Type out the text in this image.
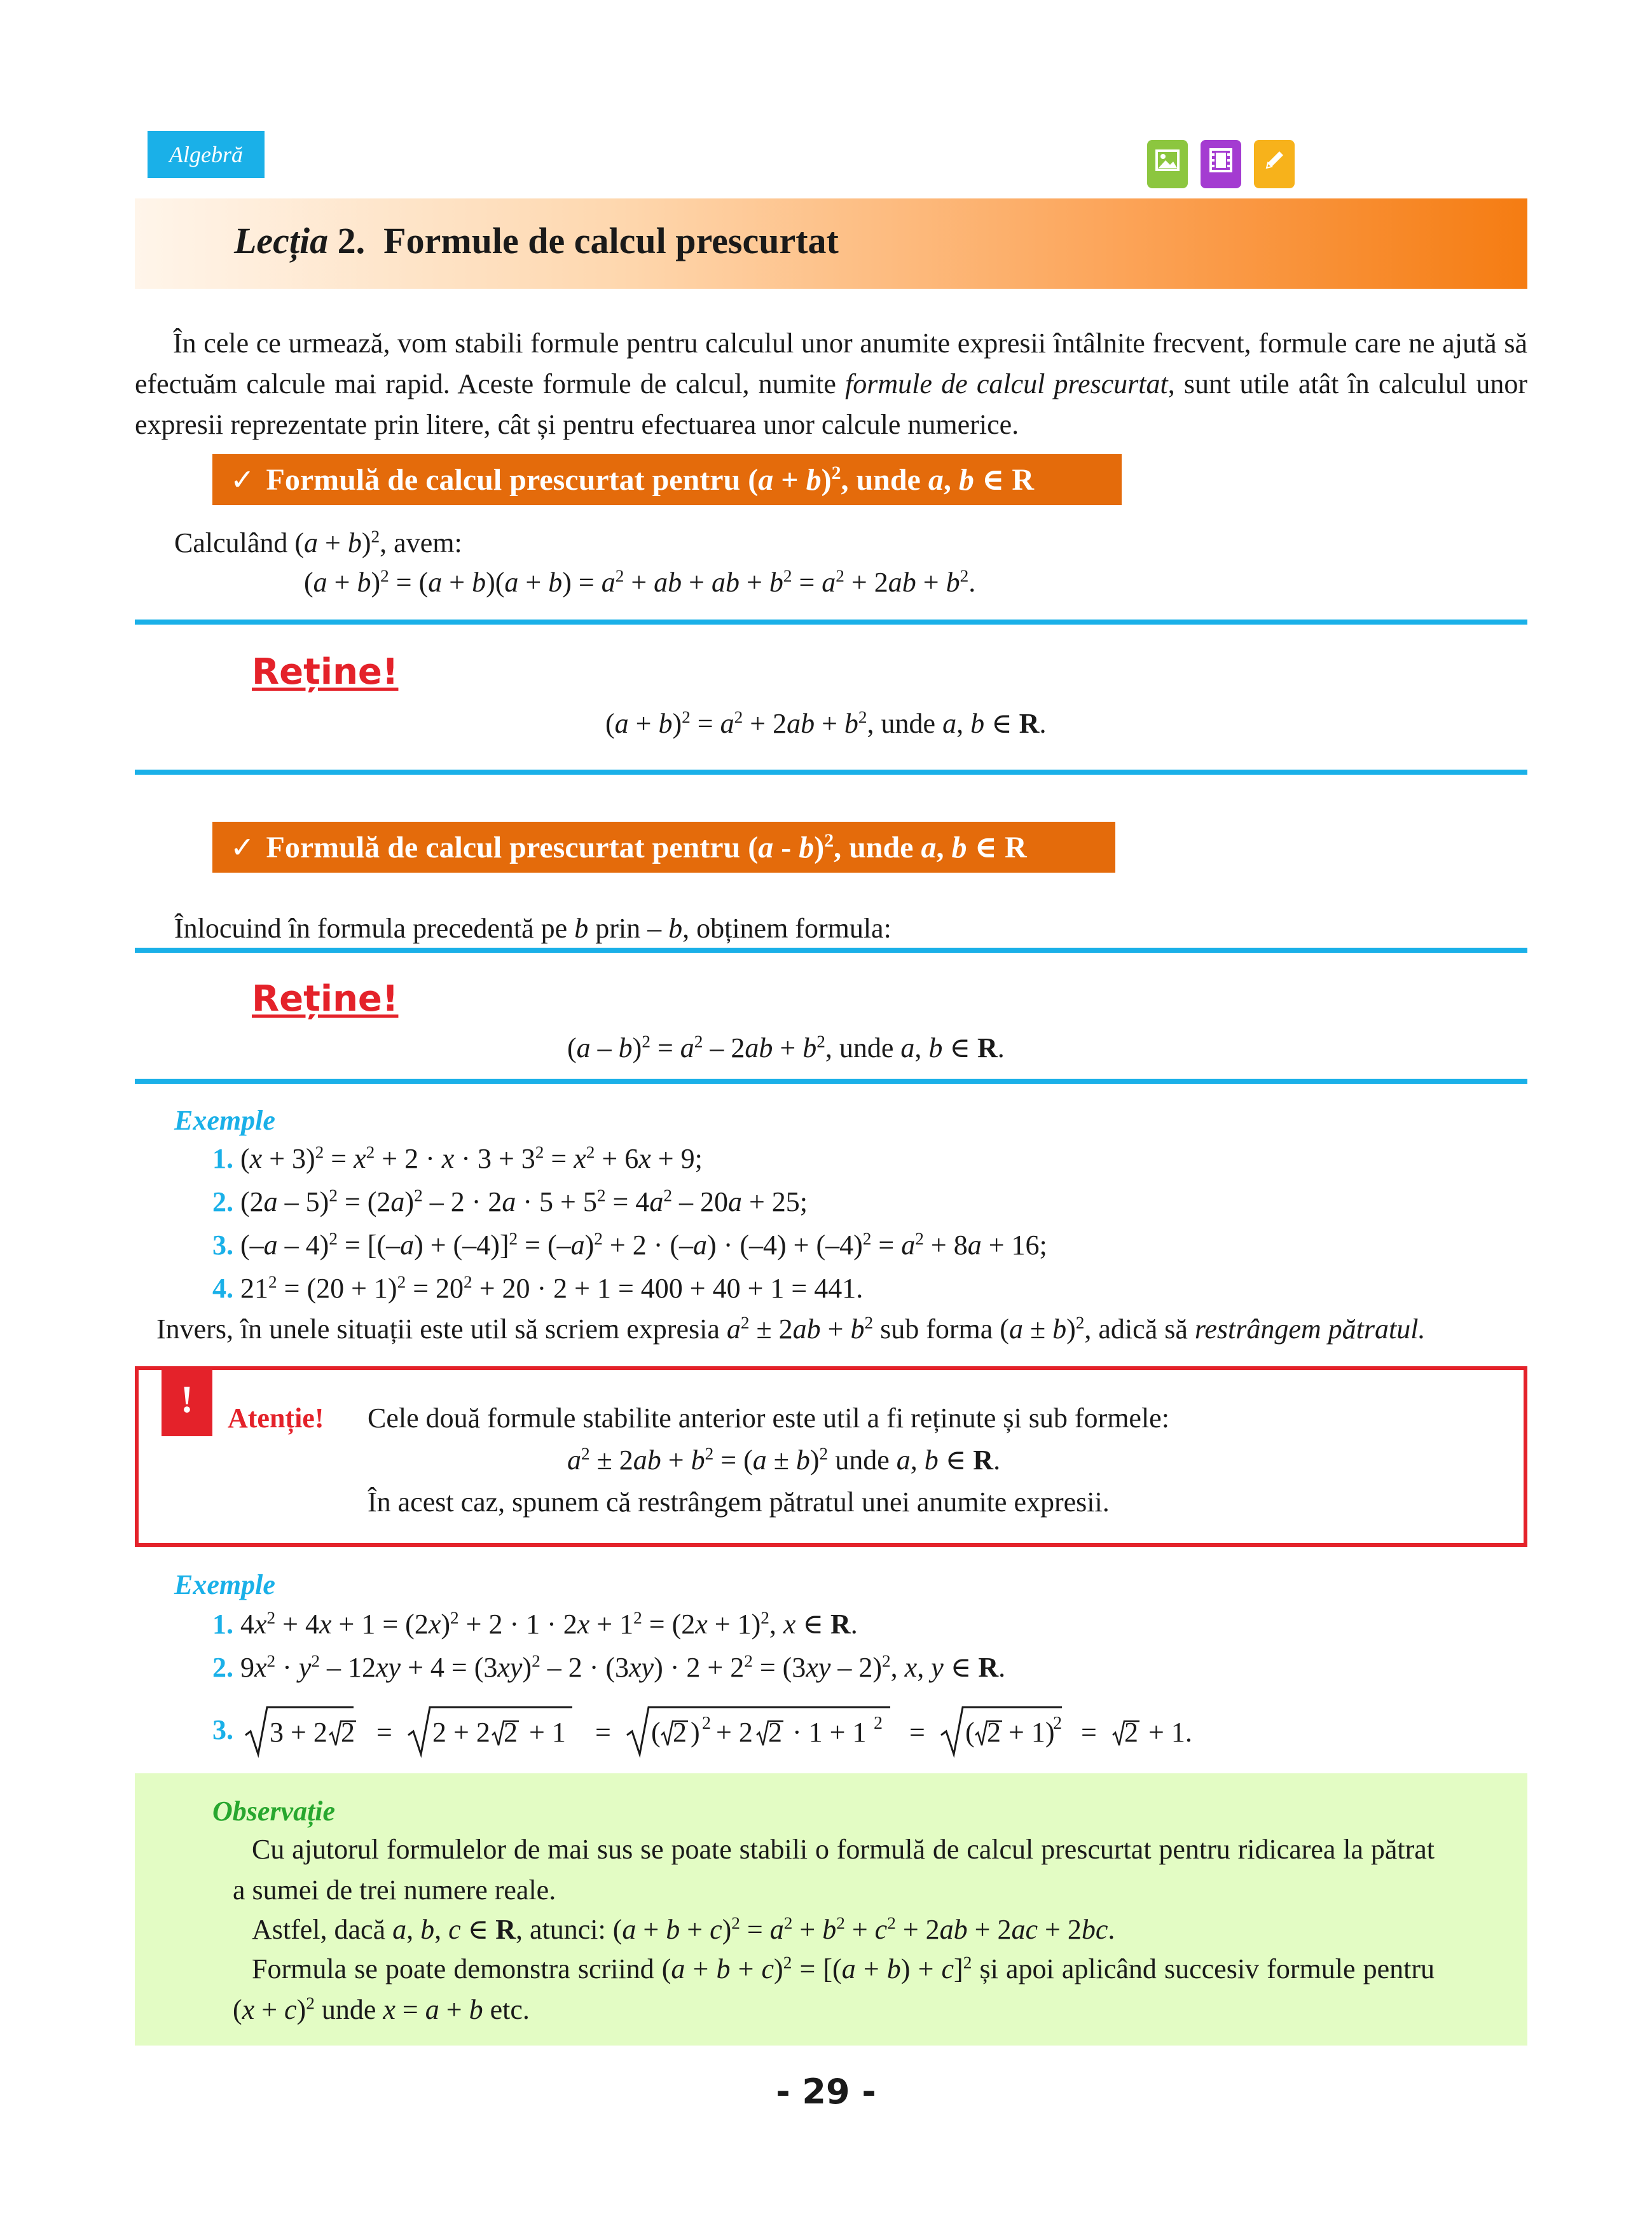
Algebră
Lecția 2. Formule de calcul prescurtat
În cele ce urmează, vom stabili formule pentru calculul unor anumite expresii întâlnite frecvent, formule care ne ajută să efectuăm calcule mai rapid. Aceste formule de calcul, numite formule de calcul prescurtat, sunt utile atât în calculul unor expresii reprezentate prin litere, cât și pentru efectuarea unor calcule numerice.
✓ Formulă de calcul prescurtat pentru $(a + b)^2$, unde a, b ∈ R
Calculând $(a + b)^2$, avem:
$(a + b)^2 = (a + b)(a + b) = a^2$ + ab + ab + $b^2 = a^2 + 2ab + b^2$.
Reține!
$(a + b)^2 = a^2 + 2ab + b^2$, unde a, b ∈ R.
✓ Formulă de calcul prescurtat pentru (a - b)$^2$, unde a, b ∈ R
Înlocuind în formula precedentă pe b prin – b, obținem formula:
Reține!
$(a - b)^2 = a^2 - 2ab + b^2$, unde a, b ∈ R.
Exemple
1. $(x + 3)^2 = x^2 + 2 \cdot x \cdot 3 + 3^2 = x^2 + 6x + 9$;
2. $(2a - 5)^2 = (2a)^2 - 2 \cdot 2a \cdot 5 + 5^2 = 4a^2 - 20a + 25$;
3. $(-a - 4)^2 = [(-a) + (-4)]^2 = (-a)^2 + 2 \cdot (-a) \cdot (-4) + (-4)^2 = a^2 + 8a + 16$;
4. $21^2 = (20 + 1)^2 = 20^2 + 20 \cdot 2 + 1 = 400 + 40 + 1 = 441$.
Invers, în unele situații este util să scriem expresia $a^2 \pm 2ab + b^2$ sub forma $(a \pm b)^2$, adică să restrângem pătratul.
!	Atenție! Cele două formule stabilite anterior este util a fi reținute și sub formele:
$a^2 \pm 2ab + b^2 = (a \pm b)^2$ unde a, b ∈ R.
În acest caz, spunem că restrângem pătratul unei anumite expresii.
Exemple
1. $4x^2 + 4x + 1 = (2x)^2 + 2 \cdot 1 \cdot 2x + 1^2 = (2x + 1)^2$, x ∈ R.
2. $9x^2 \cdot y^2 - 12xy + 4 = (3xy)^2 - 2 \cdot (3xy) \cdot 2 + 2^2 = (3xy - 2)^2$, x, y ∈ R.
3. 3 + 2 2 = 2 + 2 2 + 1 = ( 2 ) 2 + 2 2 · 1 + 1 2 = ( 2 + 1)
2 = 2 + 1.
Observație
Cu ajutorul formulelor de mai sus se poate stabili o formulă de calcul prescurtat pentru ridicarea la pătrat a sumei de trei numere reale.
Astfel, dacă a, b, c ∈ R, atunci: $(a + b + c)^2 = a^2 + b^2 + c^2 + 2ab + 2ac + 2bc$.
Formula se poate demonstra scriind $(a + b + c)^2 = [(a + b) + c]^2$ și apoi aplicând succesiv formule pentru $(x + c)^2$ unde x = a + b etc.
- 29 -
